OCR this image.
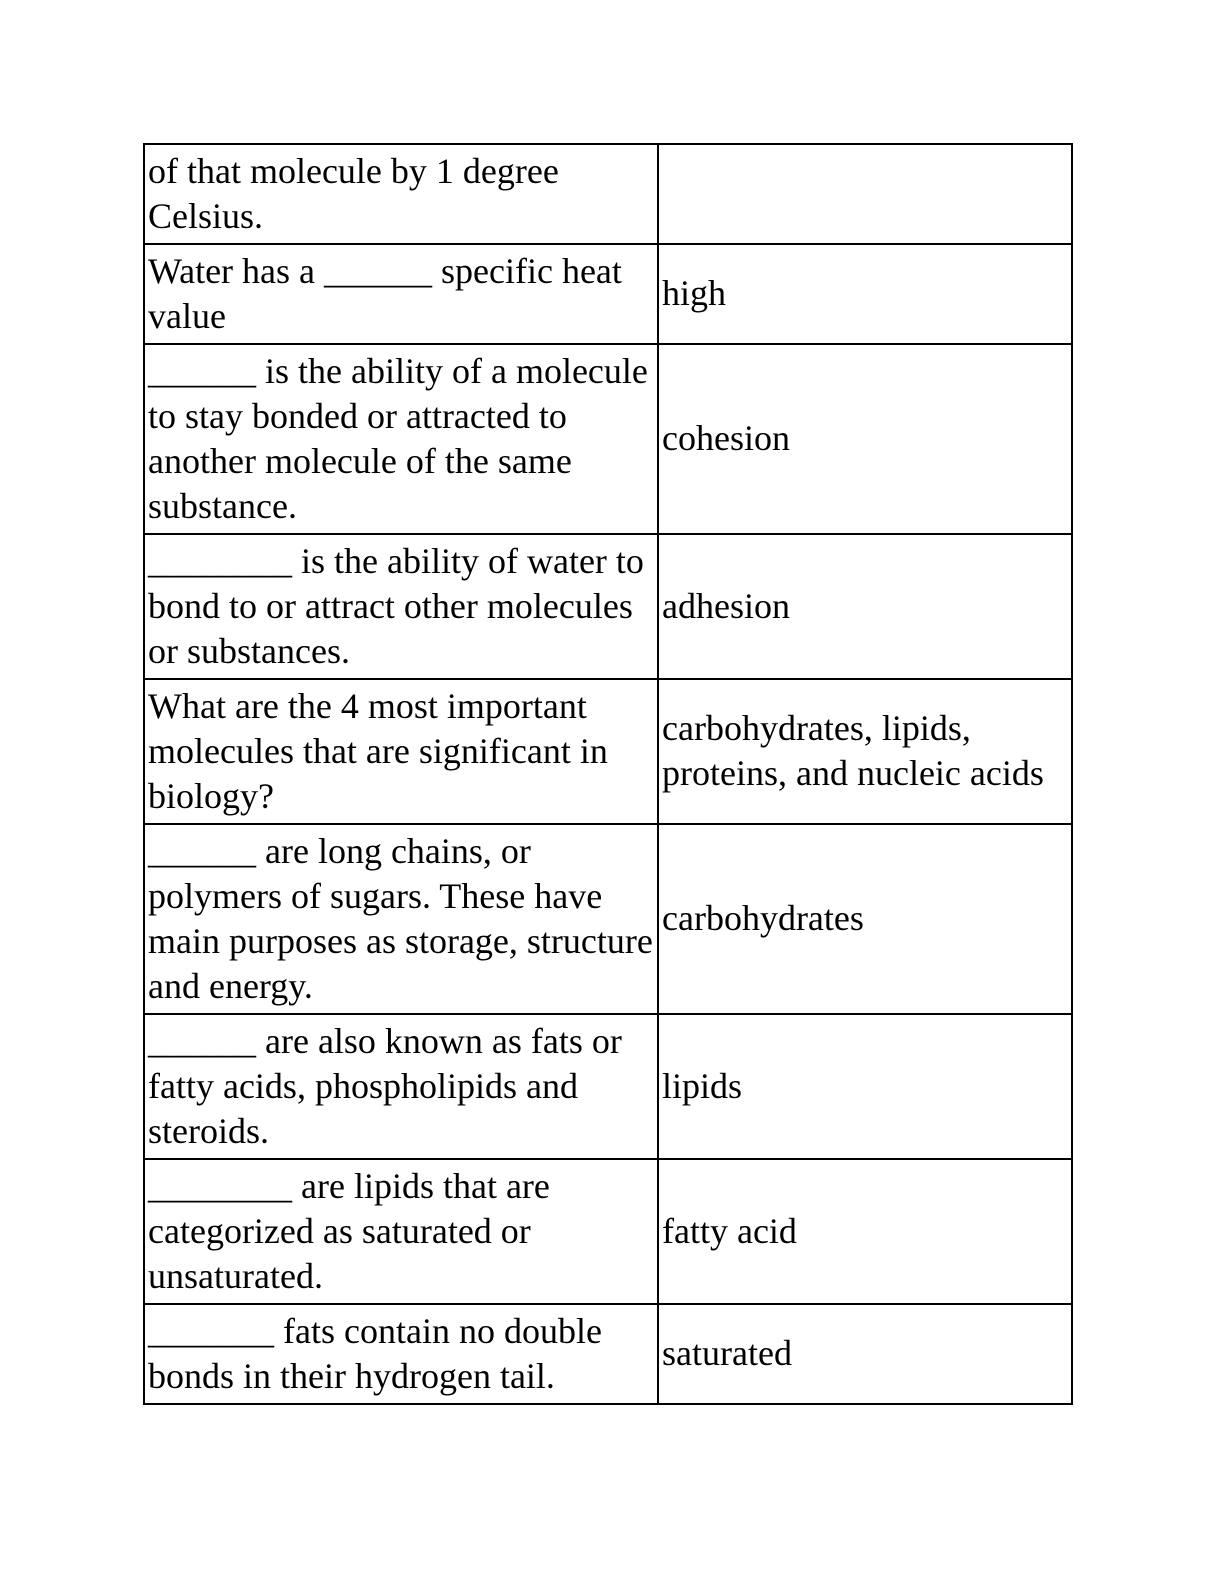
of that molecule by 1 degree Celsius.	
Water has a ______ specific heat value	high
______ is the ability of a molecule to stay bonded or attracted to another molecule of the same substance.	cohesion
________ is the ability of water to bond to or attract other molecules or substances.	adhesion
What are the 4 most important molecules that are significant in biology?	carbohydrates, lipids, proteins, and nucleic acids
______ are long chains, or polymers of sugars. These have main purposes as storage, structure and energy.	carbohydrates
______ are also known as fats or fatty acids, phospholipids and steroids.	lipids
________ are lipids that are categorized as saturated or unsaturated.	fatty acid
_______ fats contain no double bonds in their hydrogen tail.	saturated
